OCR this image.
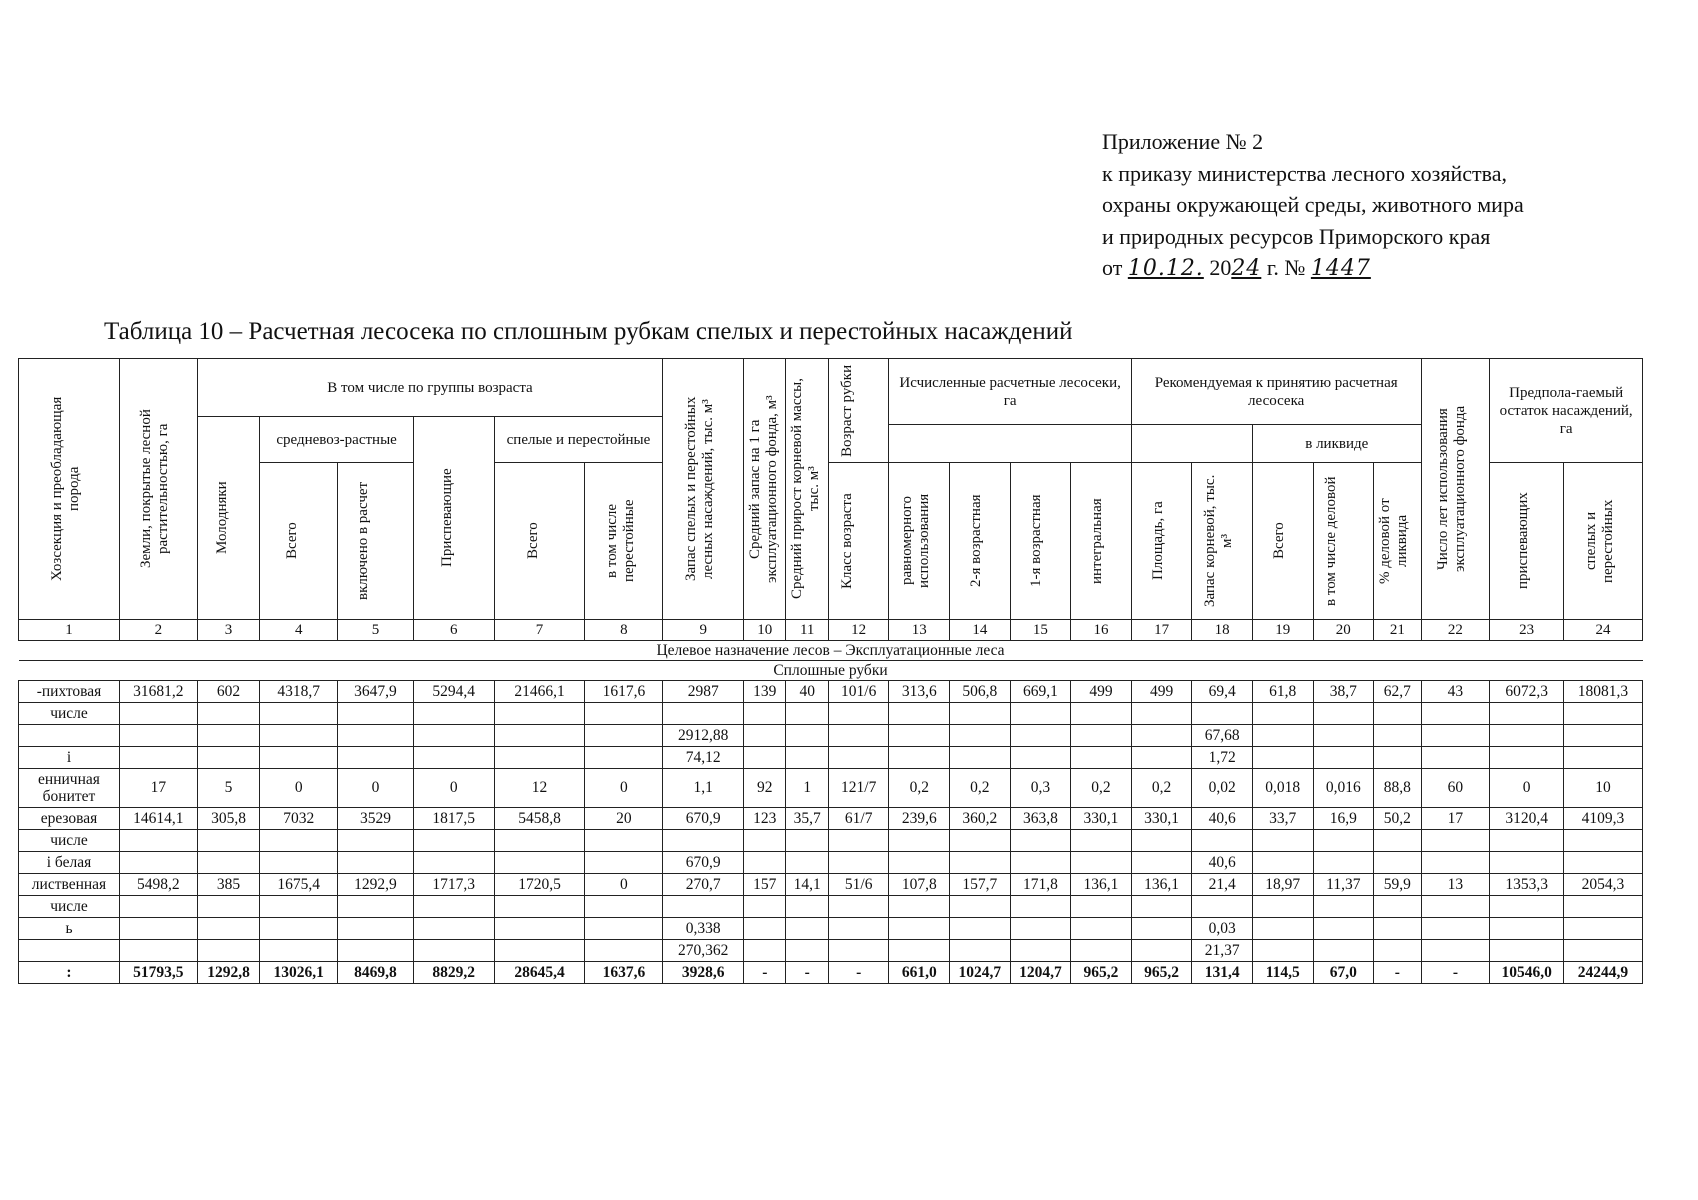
Приложение № 2
к приказу министерства лесного хозяйства,
охраны окружающей среды, животного мира
и природных ресурсов Приморского края
от 10.12. 2024 г. № 1447
Таблица 10 – Расчетная лесосека по сплошным рубкам спелых и перестойных насаждений
Хозсекция и преобладающая порода	Земли, покрытые лесной растительностью, га	В том числе по группы возраста						Запас спелых и перестойных лесных насаждений, тыс. м³	Средний запас на 1 га эксплуатационного фонда, м³	Средний прирост корневой массы, тыс. м³	Возраст рубки	Исчисленные расчетные лесосеки, га				Рекомендуемая к принятию расчетная лесосека					Число лет использования эксплуатационного фонда	Предпола-гаемый остаток насаждений, га	

		Молодняки	средневоз-растные		Приспевающие	спелые и перестойные																	
																		в ликвиде					

			Всего	включено в расчет		Всего	в том числе перестойные				Класс возраста	равномерного использования	2-я возрастная	1-я возрастная	интегральная	Площадь, га	Запас корневой, тыс. м³	Всего	в том числе деловой	% деловой от ликвида		приспевающих	спелых и перестойных

1	2	3	4	5	6	7	8	9	10	11	12	13	14	15	16	17	18	19	20	21	22	23	24
Целевое назначение лесов – Эксплуатационные леса																							
Сплошные рубки																							
-пихтовая	31681,2	602	4318,7	3647,9	5294,4	21466,1	1617,6	2987	139	40	101/6	313,6	506,8	669,1	499	499	69,4	61,8	38,7	62,7	43	6072,3	18081,3
числе																							
								2912,88									67,68						
і								74,12									1,72						
енничная бонитет	17	5	0	0	0	12	0	1,1	92	1	121/7	0,2	0,2	0,3	0,2	0,2	0,02	0,018	0,016	88,8	60	0	10
ерезовая	14614,1	305,8	7032	3529	1817,5	5458,8	20	670,9	123	35,7	61/7	239,6	360,2	363,8	330,1	330,1	40,6	33,7	16,9	50,2	17	3120,4	4109,3
числе																							
і белая								670,9									40,6						
лиственная	5498,2	385	1675,4	1292,9	1717,3	1720,5	0	270,7	157	14,1	51/6	107,8	157,7	171,8	136,1	136,1	21,4	18,97	11,37	59,9	13	1353,3	2054,3
числе																							
ь								0,338									0,03						
								270,362									21,37						
:	51793,5	1292,8	13026,1	8469,8	8829,2	28645,4	1637,6	3928,6	-	-	-	661,0	1024,7	1204,7	965,2	965,2	131,4	114,5	67,0	-	-	10546,0	24244,9
